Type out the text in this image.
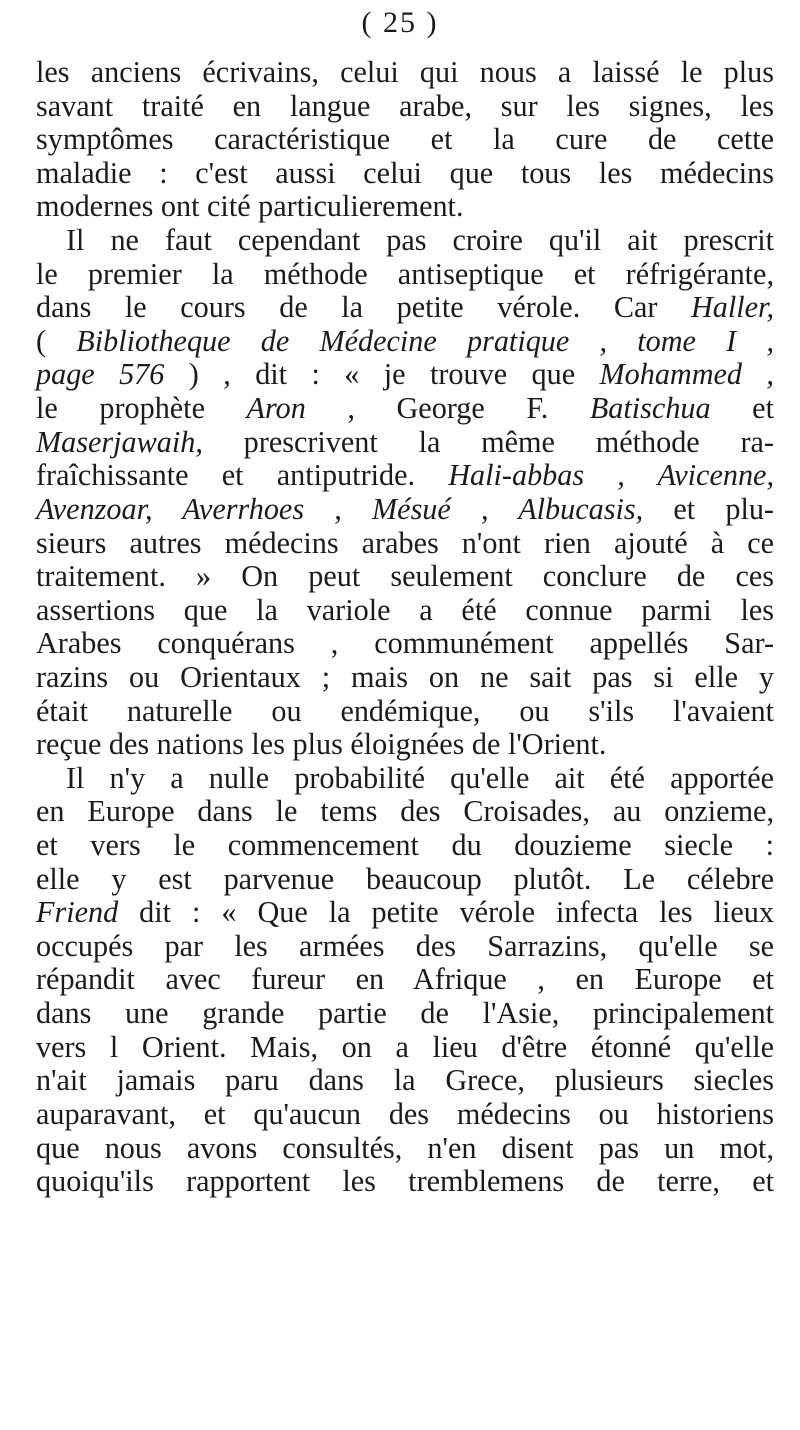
( 25 )
les anciens écrivains, celui qui nous a laissé le plus
savant traité en langue arabe, sur les signes, les
symptômes caractéristique et la cure de cette
maladie : c'est aussi celui que tous les médecins
modernes ont cité particulierement.
Il ne faut cependant pas croire qu'il ait prescrit
le premier la méthode antiseptique et réfrigérante,
dans le cours de la petite vérole. Car Haller,
( Bibliotheque de Médecine pratique , tome I ,
page 576 ) , dit : « je trouve que Mohammed ,
le prophète Aron , George F. Batischua et
Maserjawaih, prescrivent la même méthode ra-
fraîchissante et antiputride. Hali-abbas , Avicenne,
Avenzoar, Averrhoes , Mésué , Albucasis, et plu-
sieurs autres médecins arabes n'ont rien ajouté à ce
traitement. » On peut seulement conclure de ces
assertions que la variole a été connue parmi les
Arabes conquérans , communément appellés Sar-
razins ou Orientaux ; mais on ne sait pas si elle y
était naturelle ou endémique, ou s'ils l'avaient
reçue des nations les plus éloignées de l'Orient.
Il n'y a nulle probabilité qu'elle ait été apportée
en Europe dans le tems des Croisades, au onzieme,
et vers le commencement du douzieme siecle :
elle y est parvenue beaucoup plutôt. Le célebre
Friend dit : « Que la petite vérole infecta les lieux
occupés par les armées des Sarrazins, qu'elle se
répandit avec fureur en Afrique , en Europe et
dans une grande partie de l'Asie, principalement
vers l Orient. Mais, on a lieu d'être étonné qu'elle
n'ait jamais paru dans la Grece, plusieurs siecles
auparavant, et qu'aucun des médecins ou historiens
que nous avons consultés, n'en disent pas un mot,
quoiqu'ils rapportent les tremblemens de terre, et
